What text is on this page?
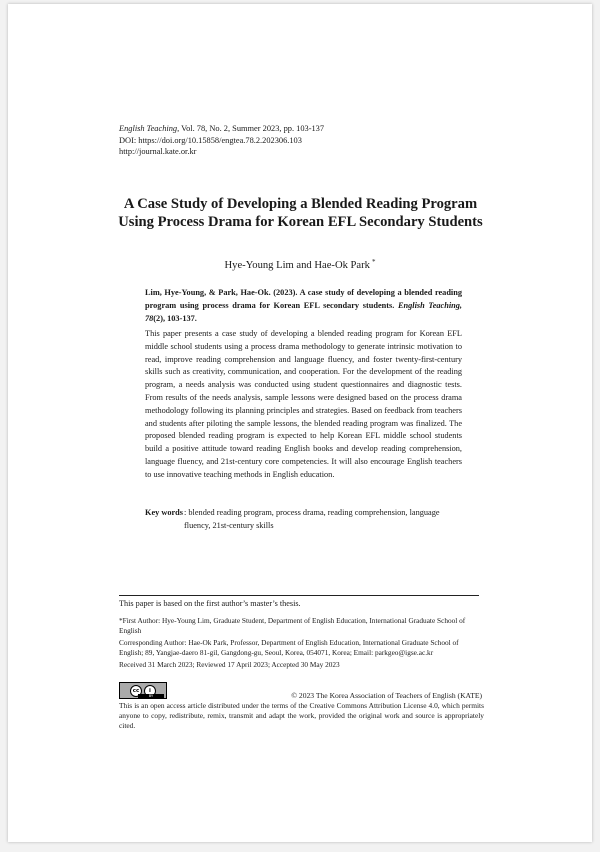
English Teaching, Vol. 78, No. 2, Summer 2023, pp. 103-137
DOI: https://doi.org/10.15858/engtea.78.2.202306.103
http://journal.kate.or.kr
A Case Study of Developing a Blended Reading Program
Using Process Drama for Korean EFL Secondary Students
Hye-Young Lim and Hae-Ok Park *

Lim, Hye-Young, & Park, Hae-Ok. (2023). A case study of developing a blended reading program using process drama for Korean EFL secondary students. English Teaching, 78(2), 103-137.

This paper presents a case study of developing a blended reading program for Korean EFL middle school students using a process drama methodology to generate intrinsic motivation to read, improve reading comprehension and language fluency, and foster twenty-first-century skills such as creativity, communication, and cooperation. For the development of the reading program, a needs analysis was conducted using student questionnaires and diagnostic tests. From results of the needs analysis, sample lessons were designed based on the process drama methodology following its planning principles and strategies. Based on feedback from teachers and students after piloting the sample lessons, the blended reading program was finalized. The proposed blended reading program is expected to help Korean EFL middle school students build a positive attitude toward reading English books and develop reading comprehension, language fluency, and 21st-century core competencies. It will also encourage English teachers to use innovative teaching methods in English education.

Key words : blended reading program, process drama, reading comprehension, language fluency, 21st-century skills
This paper is based on the first author’s master’s thesis.
*First Author: Hye-Young Lim, Graduate Student, Department of English Education, International Graduate School of English
Corresponding Author: Hae-Ok Park, Professor, Department of English Education, International Graduate School of English; 89, Yangjae-daero 81-gil, Gangdong-gu, Seoul, Korea, 054071, Korea; Email: parkgeo@igse.ac.kr
Received 31 March 2023; Reviewed 17 April 2023; Accepted 30 May 2023
cc	i
BY	© 2023 The Korea Association of Teachers of English (KATE)
This is an open access article distributed under the terms of the Creative Commons Attribution License 4.0, which permits anyone to copy, redistribute, remix, transmit and adapt the work, provided the original work and source is appropriately cited.
